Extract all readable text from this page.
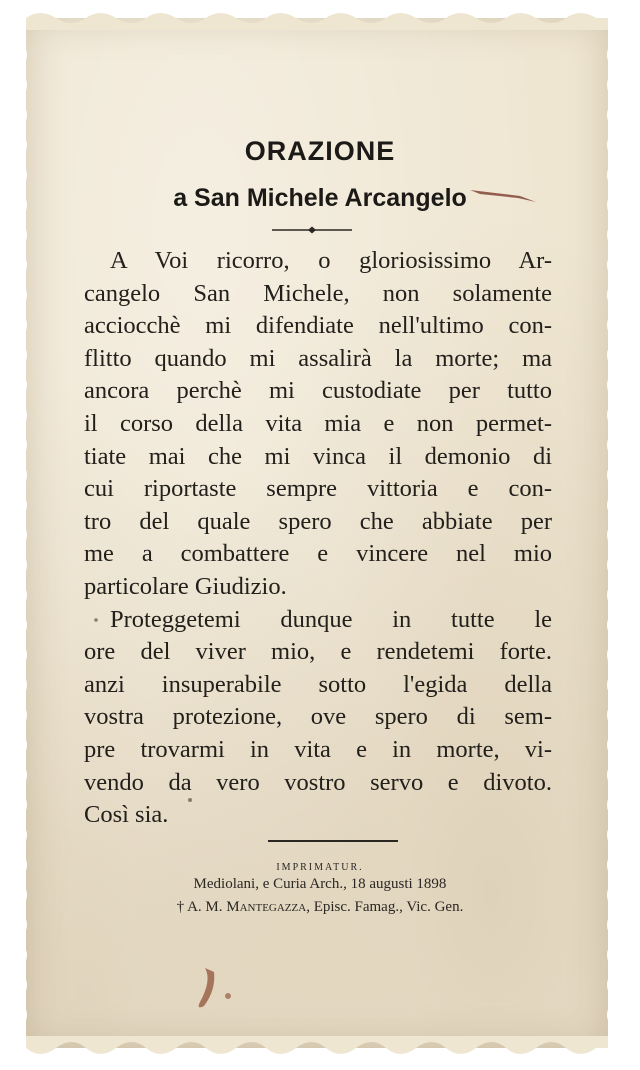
ORAZIONE
a San Michele Arcangelo
A Voi ricorro, o gloriosissimo Ar-
cangelo San Michele, non solamente
acciocchè mi difendiate nell'ultimo con-
flitto quando mi assalirà la morte; ma
ancora perchè mi custodiate per tutto
il corso della vita mia e non permet-
tiate mai che mi vinca il demonio di
cui riportaste sempre vittoria e con-
tro del quale spero che abbiate per
me a combattere e vincere nel mio
particolare Giudizio.
Proteggetemi dunque in tutte le
ore del viver mio, e rendetemi forte.
anzi insuperabile sotto l'egida della
vostra protezione, ove spero di sem-
pre trovarmi in vita e in morte, vi-
vendo da vero vostro servo e divoto.
Così sia.
IMPRIMATUR.
Mediolani, e Curia Arch., 18 augusti 1898
† A. M. Mantegazza, Episc. Famag., Vic. Gen.
